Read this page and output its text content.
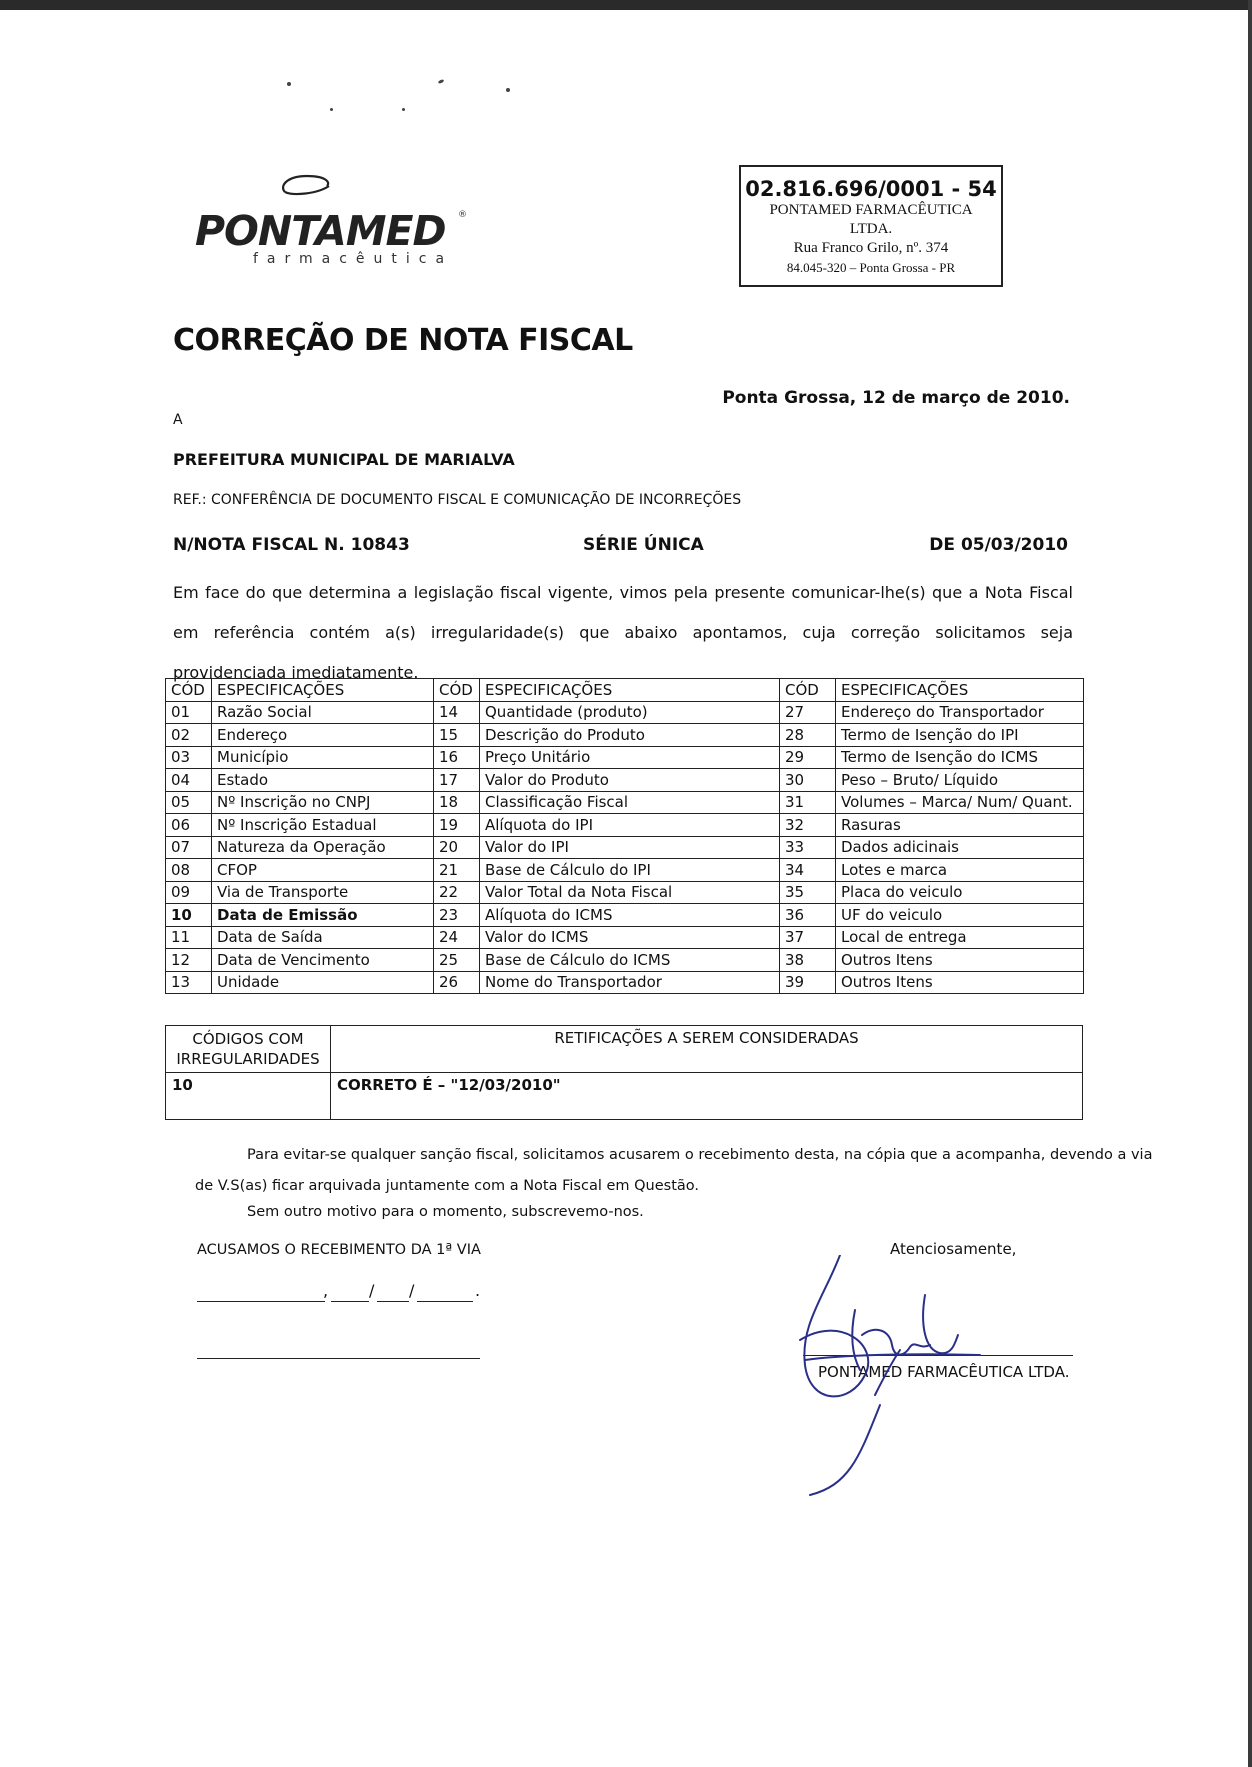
PONTAMED ®
farmacêutica
02.816.696/0001 - 54
PONTAMED FARMACÊUTICA
LTDA.
Rua Franco Grilo, nº. 374
84.045-320 – Ponta Grossa - PR
CORREÇÃO DE NOTA FISCAL
Ponta Grossa, 12 de março de 2010.
A
PREFEITURA MUNICIPAL DE MARIALVA
REF.: CONFERÊNCIA DE DOCUMENTO FISCAL E COMUNICAÇÃO DE INCORREÇÕES
N/NOTA FISCAL N. 10843	SÉRIE ÚNICA	DE 05/03/2010

Em face do que determina a legislação fiscal vigente, vimos pela presente comunicar-lhe(s) que a Nota Fiscal em referência contém a(s) irregularidade(s) que abaixo apontamos, cuja correção solicitamos seja providenciada imediatamente.

CÓD	ESPECIFICAÇÕES	CÓD	ESPECIFICAÇÕES	CÓD	ESPECIFICAÇÕES
01	Razão Social	14	Quantidade (produto)	27	Endereço do Transportador
02	Endereço	15	Descrição do Produto	28	Termo de Isenção do IPI
03	Município	16	Preço Unitário	29	Termo de Isenção do ICMS
04	Estado	17	Valor do Produto	30	Peso – Bruto/ Líquido
05	Nº Inscrição no CNPJ	18	Classificação Fiscal	31	Volumes – Marca/ Num/ Quant.
06	Nº Inscrição Estadual	19	Alíquota do IPI	32	Rasuras
07	Natureza da Operação	20	Valor do IPI	33	Dados adicinais
08	CFOP	21	Base de Cálculo do IPI	34	Lotes e marca
09	Via de Transporte	22	Valor Total da Nota Fiscal	35	Placa do veiculo
10	Data de Emissão	23	Alíquota do ICMS	36	UF do veiculo
11	Data de Saída	24	Valor do ICMS	37	Local de entrega
12	Data de Vencimento	25	Base de Cálculo do ICMS	38	Outros Itens
13	Unidade	26	Nome do Transportador	39	Outros Itens
CÓDIGOS COM IRREGULARIDADES	RETIFICAÇÕES A SEREM CONSIDERADAS
10	CORRETO É – "12/03/2010"

Para evitar-se qualquer sanção fiscal, solicitamos acusarem o recebimento desta, na cópia que a acompanha, devendo a via de V.S(as) ficar arquivada juntamente com a Nota Fiscal em Questão.

Sem outro motivo para o momento, subscrevemo-nos.
ACUSAMOS O RECEBIMENTO DA 1ª VIA
,	/ /	.
Atenciosamente,
PONTAMED FARMACÊUTICA LTDA.
